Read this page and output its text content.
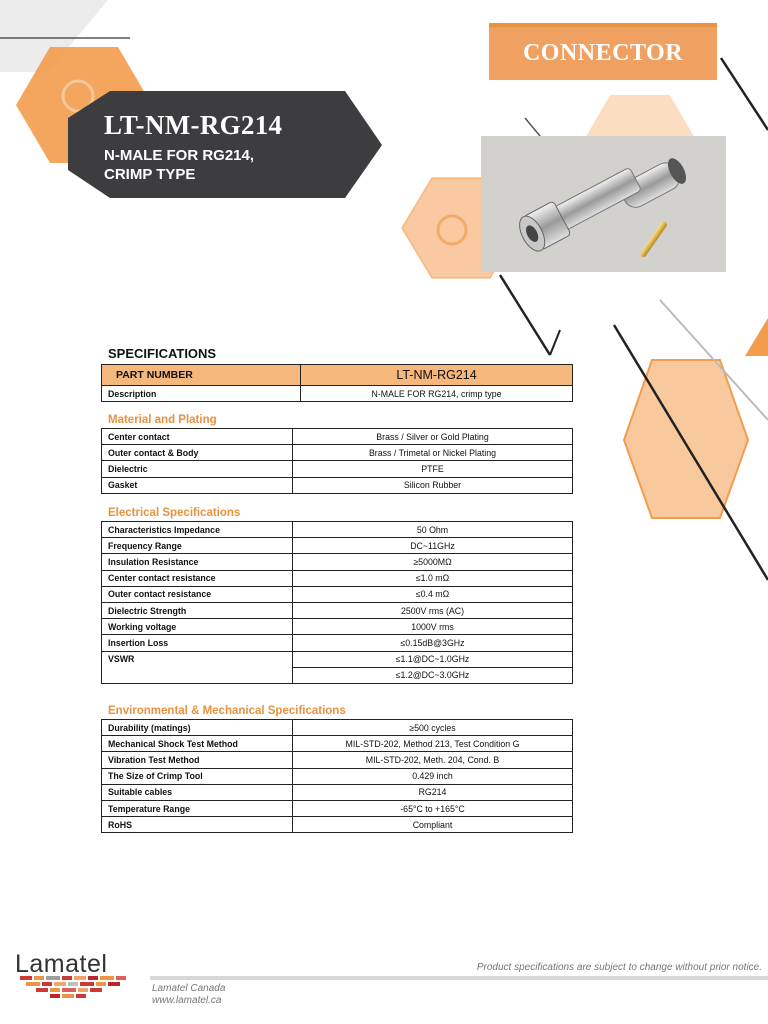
CONNECTOR
LT-NM-RG214

N-MALE FOR RG214, CRIMP TYPE

SPECIFICATIONS
PART NUMBER	LT-NM-RG214
Description	N-MALE FOR RG214, crimp type
Material and Plating
Center contact	Brass / Silver or Gold Plating
Outer contact & Body	Brass / Trimetal or Nickel Plating
Dielectric	PTFE
Gasket	Silicon Rubber
Electrical Specifications
Characteristics Impedance	50 Ohm
Frequency Range	DC~11GHz
Insulation Resistance	≥5000MΩ
Center contact resistance	≤1.0 mΩ
Outer contact resistance	≤0.4 mΩ
Dielectric Strength	2500V rms (AC)
Working voltage	1000V rms
Insertion Loss	≤0.15dB@3GHz
VSWR	≤1.1@DC~1.0GHz
	≤1.2@DC~3.0GHz
Environmental & Mechanical Specifications
Durability (matings)	≥500 cycles
Mechanical Shock Test Method	MIL-STD-202, Method 213, Test Condition G
Vibration Test Method	MIL-STD-202, Meth. 204, Cond. B
The Size of Crimp Tool	0.429 inch
Suitable cables	RG214
Temperature Range	-65°C to +165°C
RoHS	Compliant

Product specifications are subject to change without prior notice.

Lamatel

Lamatel Canada
www.lamatel.ca
